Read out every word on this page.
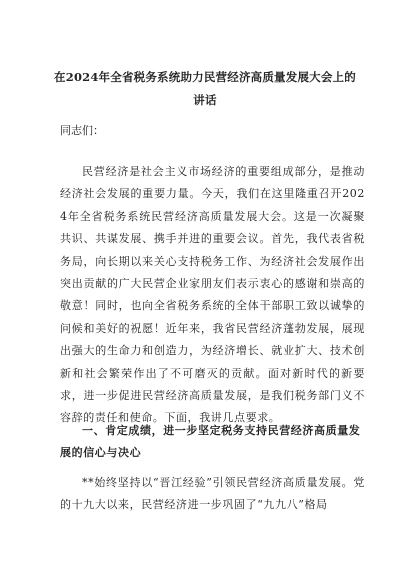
在2024年全省税务系统助力民营经济高质量发展大会上的
讲话
同志们：
民营经济是社会主义市场经济的重要组成部分，是推动经济社会发展的重要力量。今天，我们在这里隆重召开2024年全省税务系统民营经济高质量发展大会。这是一次凝聚共识、共谋发展、携手并进的重要会议。首先，我代表省税务局，向长期以来关心支持税务工作、为经济社会发展作出突出贡献的广大民营企业家朋友们表示衷心的感谢和崇高的敬意！同时，也向全省税务系统的全体干部职工致以诚挚的问候和美好的祝愿！近年来，我省民营经济蓬勃发展，展现出强大的生命力和创造力，为经济增长、就业扩大、技术创新和社会繁荣作出了不可磨灭的贡献。面对新时代的新要求，进一步促进民营经济高质量发展，是我们税务部门义不容辞的责任和使命。下面，我讲几点要求。
一、肯定成绩，进一步坚定税务支持民营经济高质量发展的信心与决心
**始终坚持以“晋江经验”引领民营经济高质量发展。党的十九大以来，民营经济进一步巩固了“九九八”格局
